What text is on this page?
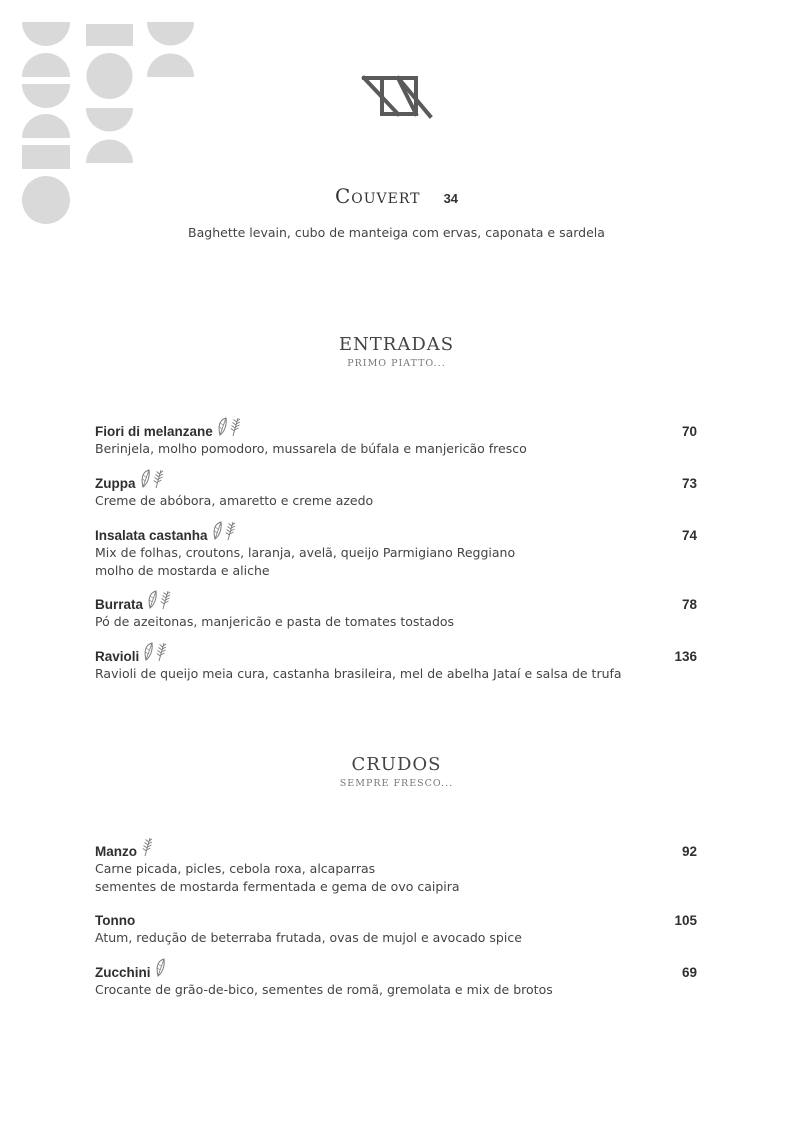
Couvert 34
Baghette levain, cubo de manteiga com ervas, caponata e sardela
ENTRADAS
PRIMO PIATTO...
Fiori di melanzane	70
Berinjela, molho pomodoro, mussarela de búfala e manjericão fresco
Zuppa	73
Creme de abóbora, amaretto e creme azedo
Insalata castanha	74
Mix de folhas, croutons, laranja, avelã, queijo Parmigiano Reggiano
molho de mostarda e aliche
Burrata	78
Pó de azeitonas, manjericão e pasta de tomates tostados
Ravioli	136
Ravioli de queijo meia cura, castanha brasileira, mel de abelha Jataí e salsa de trufa
CRUDOS
SEMPRE FRESCO...
Manzo	92
Carne picada, picles, cebola roxa, alcaparras
sementes de mostarda fermentada e gema de ovo caipira
Tonno	105
Atum, redução de beterraba frutada, ovas de mujol e avocado spice
Zucchini	69
Crocante de grão-de-bico, sementes de romã, gremolata e mix de brotos
